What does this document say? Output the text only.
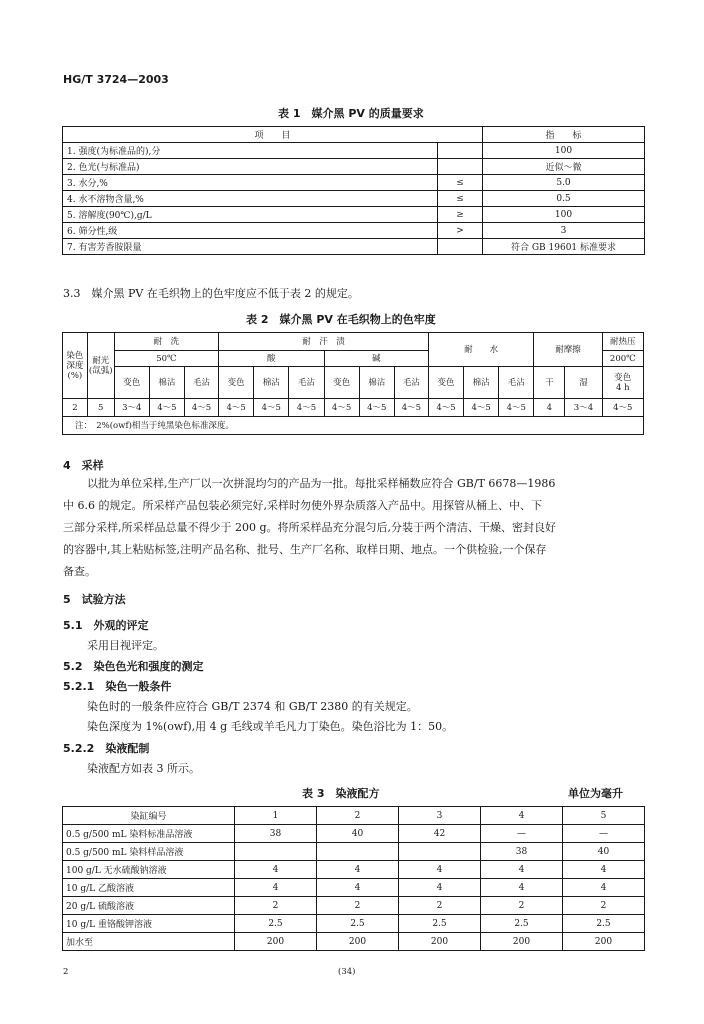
HG/T 3724—2003
表 1　媒介黑 PV 的质量要求
项　　目		指　　标
1. 强度(为标准品的),分		100
2. 色光(与标准品)		近似～微
3. 水分,%	≤	5.0
4. 水不溶物含量,%	≤	0.5
5. 溶解度(90℃),g/L	≥	100
6. 筛分性,级	>	3
7. 有害芳香胺限量		符合 GB 19601 标准要求
3.3　媒介黑 PV 在毛织物上的色牢度应不低于表 2 的规定。
表 2　媒介黑 PV 在毛织物上的色牢度
染色深度(%)	耐光(氙弧)	耐　洗			耐　汗　渍						耐　　水			耐摩擦		耐热压
		50℃			酸			碱								200℃
		变色	棉沾	毛沾	变色	棉沾	毛沾	变色	棉沾	毛沾	变色	棉沾	毛沾	干	湿	变色
4 h
2	5	3～4	4～5	4～5	4～5	4～5	4～5	4～5	4～5	4～5	4～5	4～5	4～5	4	3～4	4～5
注：　2%(owf)相当于纯黑染色标准深度。																
4　采样
以批为单位采样,生产厂以一次拼混均匀的产品为一批。每批采样桶数应符合 GB/T 6678—1986
中 6.6 的规定。所采样产品包装必须完好,采样时勿使外界杂质落入产品中。用探管从桶上、中、下
三部分采样,所采样品总量不得少于 200 g。将所采样品充分混匀后,分装于两个清洁、干燥、密封良好
的容器中,其上粘贴标签,注明产品名称、批号、生产厂名称、取样日期、地点。一个供检验,一个保存
备查。
5　试验方法
5.1　外观的评定
采用目视评定。
5.2　染色色光和强度的测定
5.2.1　染色一般条件
染色时的一般条件应符合 GB/T 2374 和 GB/T 2380 的有关规定。
染色深度为 1%(owf),用 4 g 毛线或羊毛凡力丁染色。染色浴比为 1：50。
5.2.2　染液配制
染液配方如表 3 所示。
表 3　染液配方	单位为毫升
染缸编号	1	2	3	4	5
0.5 g/500 mL 染料标准品溶液	38	40	42	—	—
0.5 g/500 mL 染料样品溶液				38	40
100 g/L 无水硫酸钠溶液	4	4	4	4	4
10 g/L 乙酸溶液	4	4	4	4	4
20 g/L 硫酸溶液	2	2	2	2	2
10 g/L 重铬酸钾溶液	2.5	2.5	2.5	2.5	2.5
加水至	200	200	200	200	200
2	(34)
